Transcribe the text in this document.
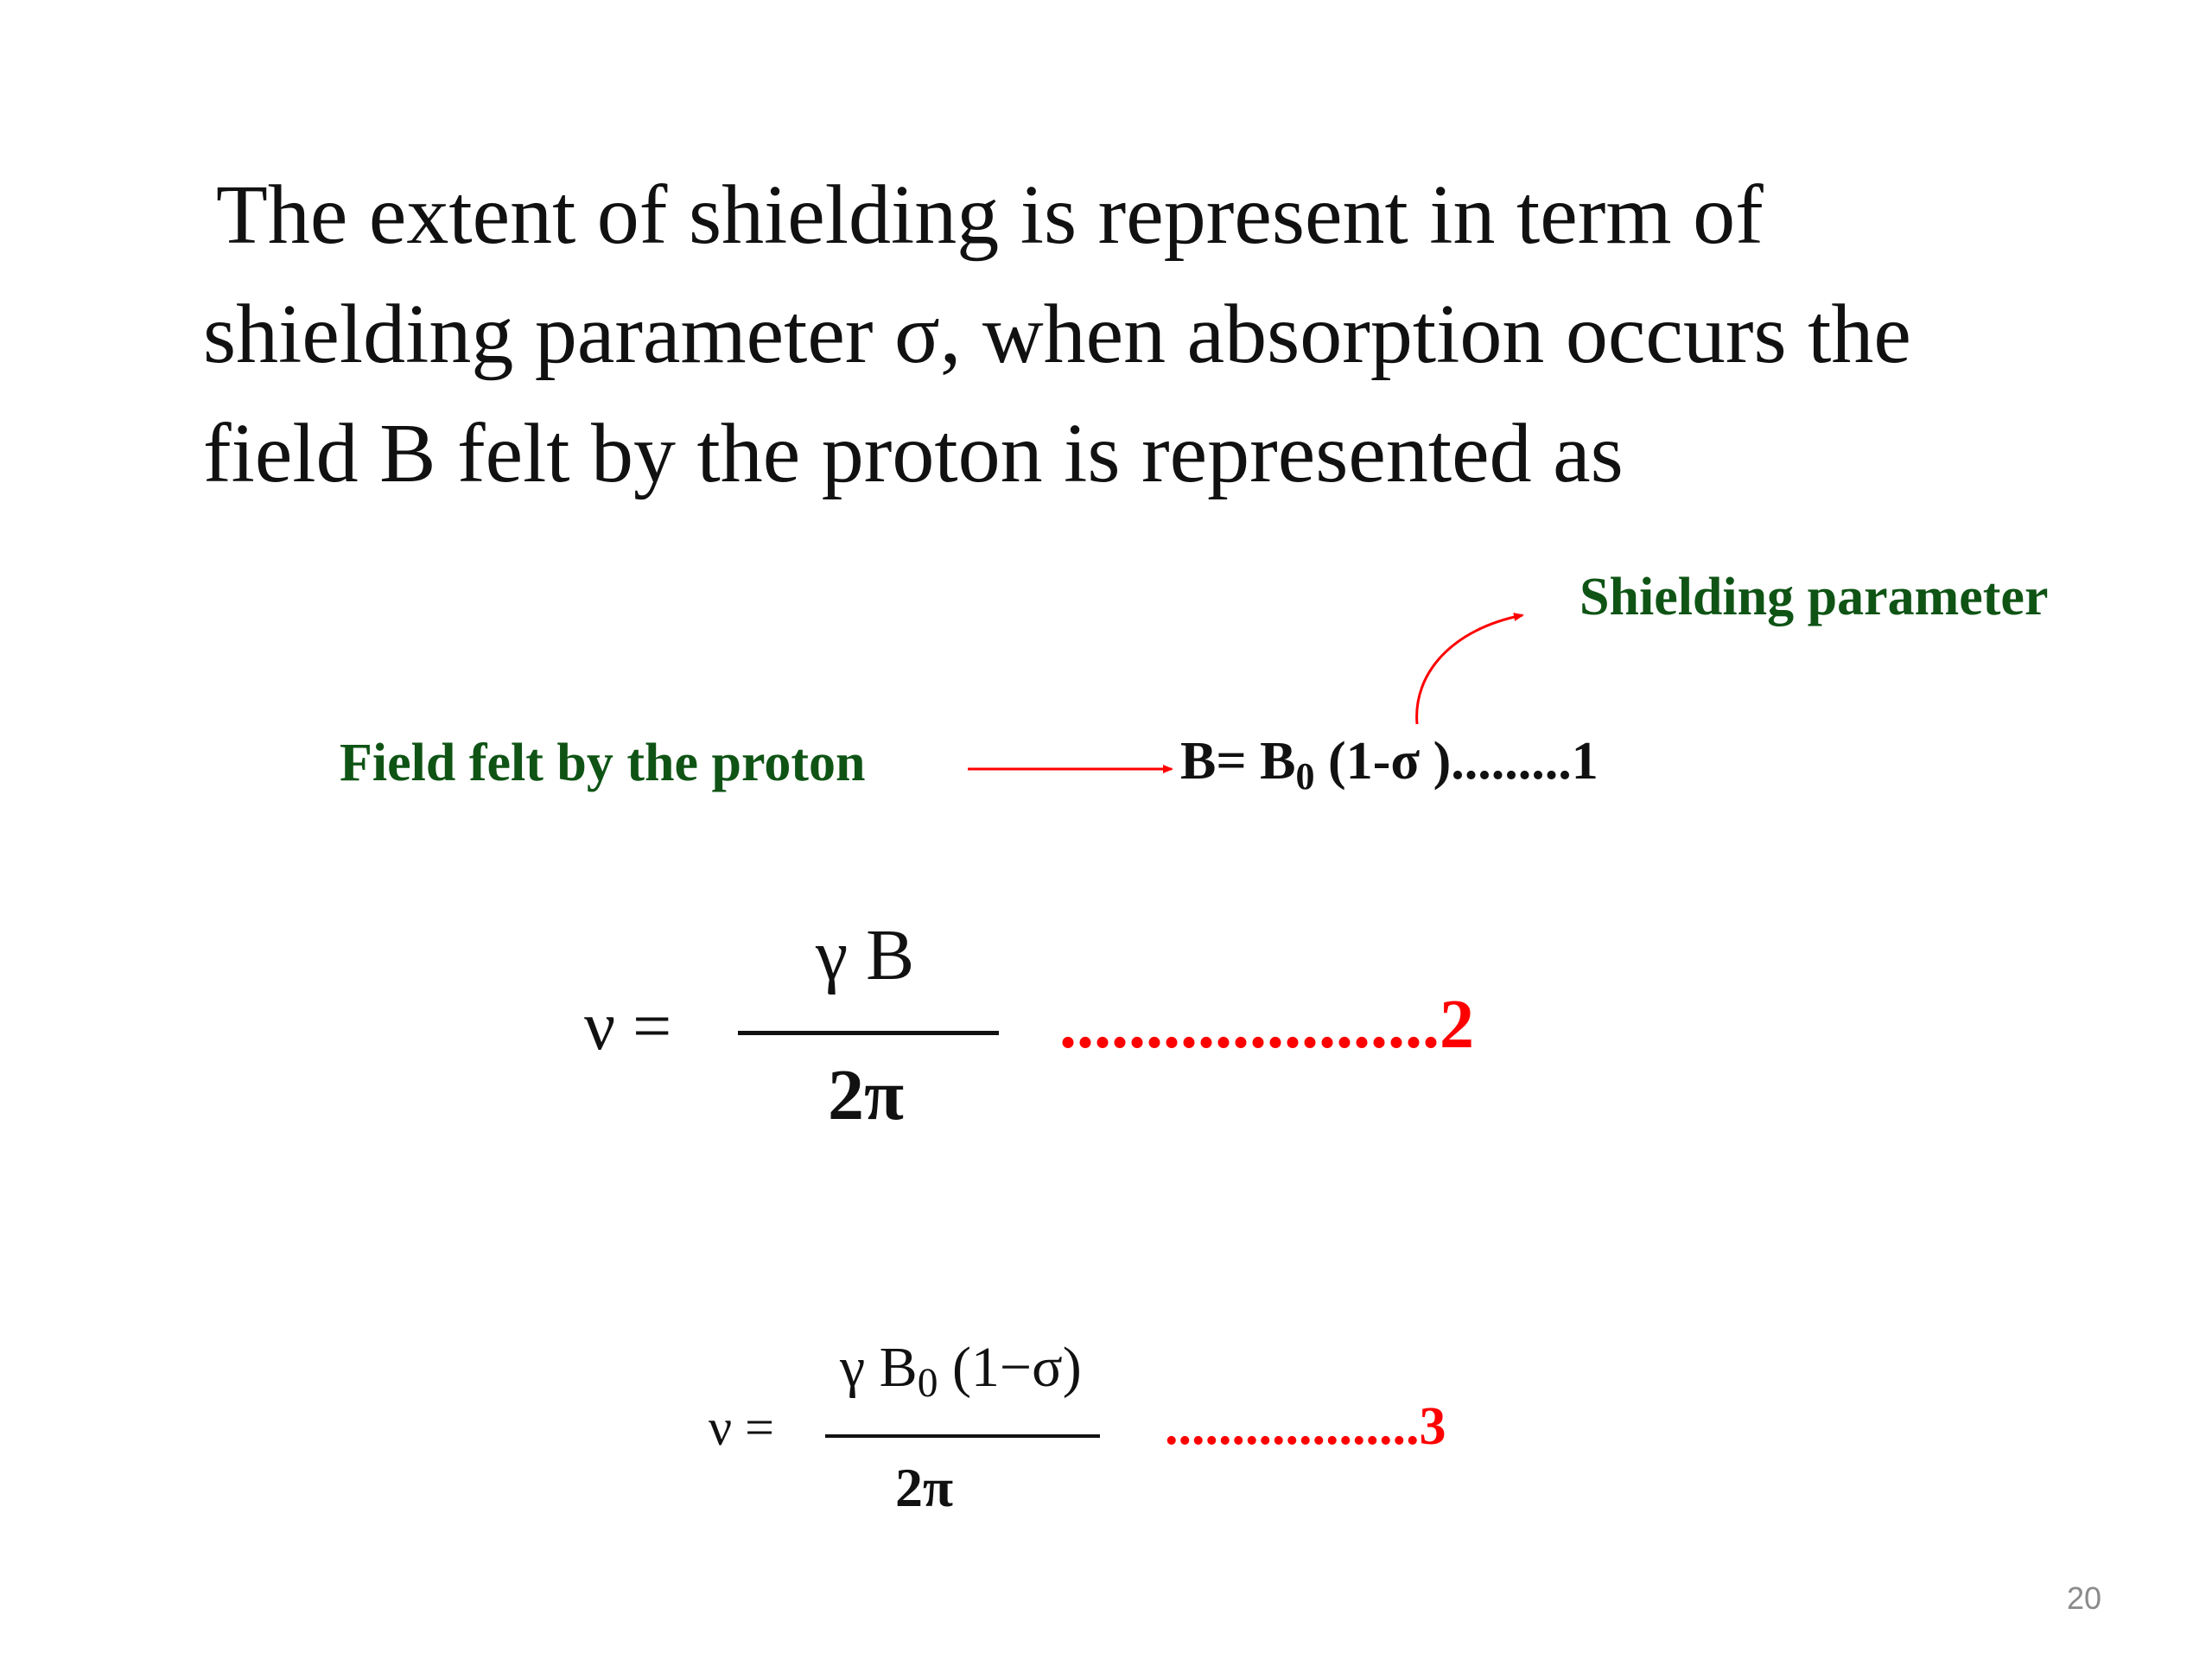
The extent of shielding is represent in term of
shielding parameter σ, when absorption occurs the
field B felt by the proton is represented as
Shielding parameter
Field felt by the proton	$B= B_0$ (1-σ ).........1
ν =
γ B
2π
......................2
ν =
γ $B_0$ (1−σ)
2π
...................3
20
